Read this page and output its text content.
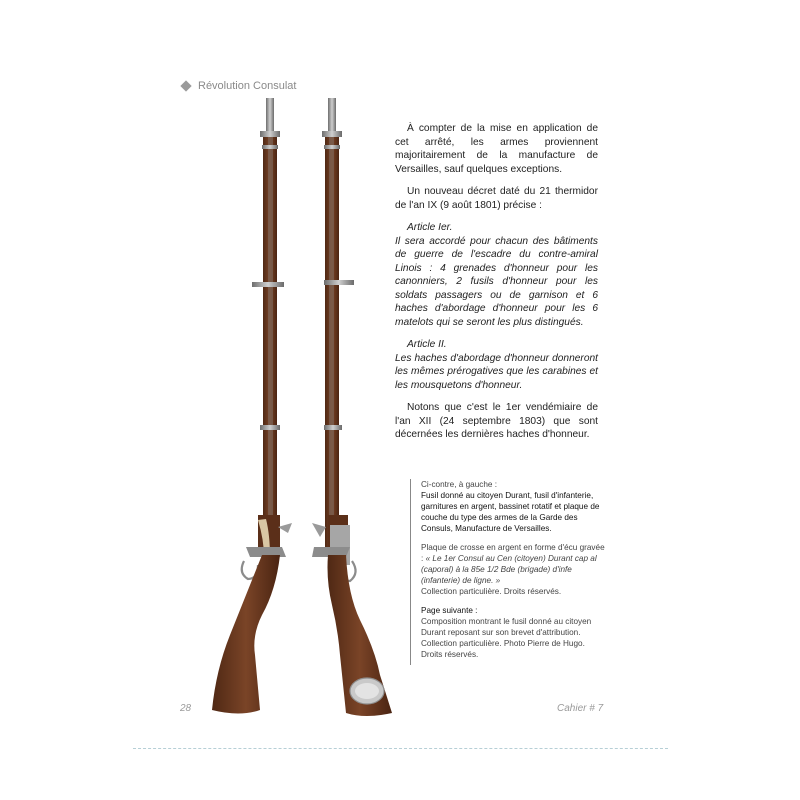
Révolution Consulat

À compter de la mise en application de cet arrêté, les armes proviennent majoritairement de la manufacture de Versailles, sauf quelques exceptions.

Un nouveau décret daté du 21 thermidor de l'an IX (9 août 1801) précise :

Article Ier.
Il sera accordé pour chacun des bâtiments de guerre de l'escadre du contre-amiral Linois : 4 grenades d'honneur pour les canonniers, 2 fusils d'honneur pour les soldats passagers ou de garnison et 6 haches d'abordage d'honneur pour les 6 matelots qui se seront les plus distingués.
Article II.
Les haches d'abordage d'honneur donneront les mêmes prérogatives que les carabines et les mousquetons d'honneur.

Notons que c'est le 1er vendémiaire de l'an XII (24 septembre 1803) que sont décernées les dernières haches d'honneur.

Ci-contre, à gauche :
Fusil donné au citoyen Durant, fusil d'infanterie, garnitures en argent, bassinet rotatif et plaque de couche du type des armes de la Garde des Consuls, Manufacture de Versailles.

Plaque de crosse en argent en forme d'écu gravée : « Le 1er Consul au Cen (citoyen) Durant cap al (caporal) à la 85e 1/2 Bde (brigade) d'infe (infanterie) de ligne. »
Collection particulière. Droits réservés.

Page suivante :
Composition montrant le fusil donné au citoyen Durant reposant sur son brevet d'attribution. Collection particulière. Photo Pierre de Hugo. Droits réservés.

28	Cahier # 7
